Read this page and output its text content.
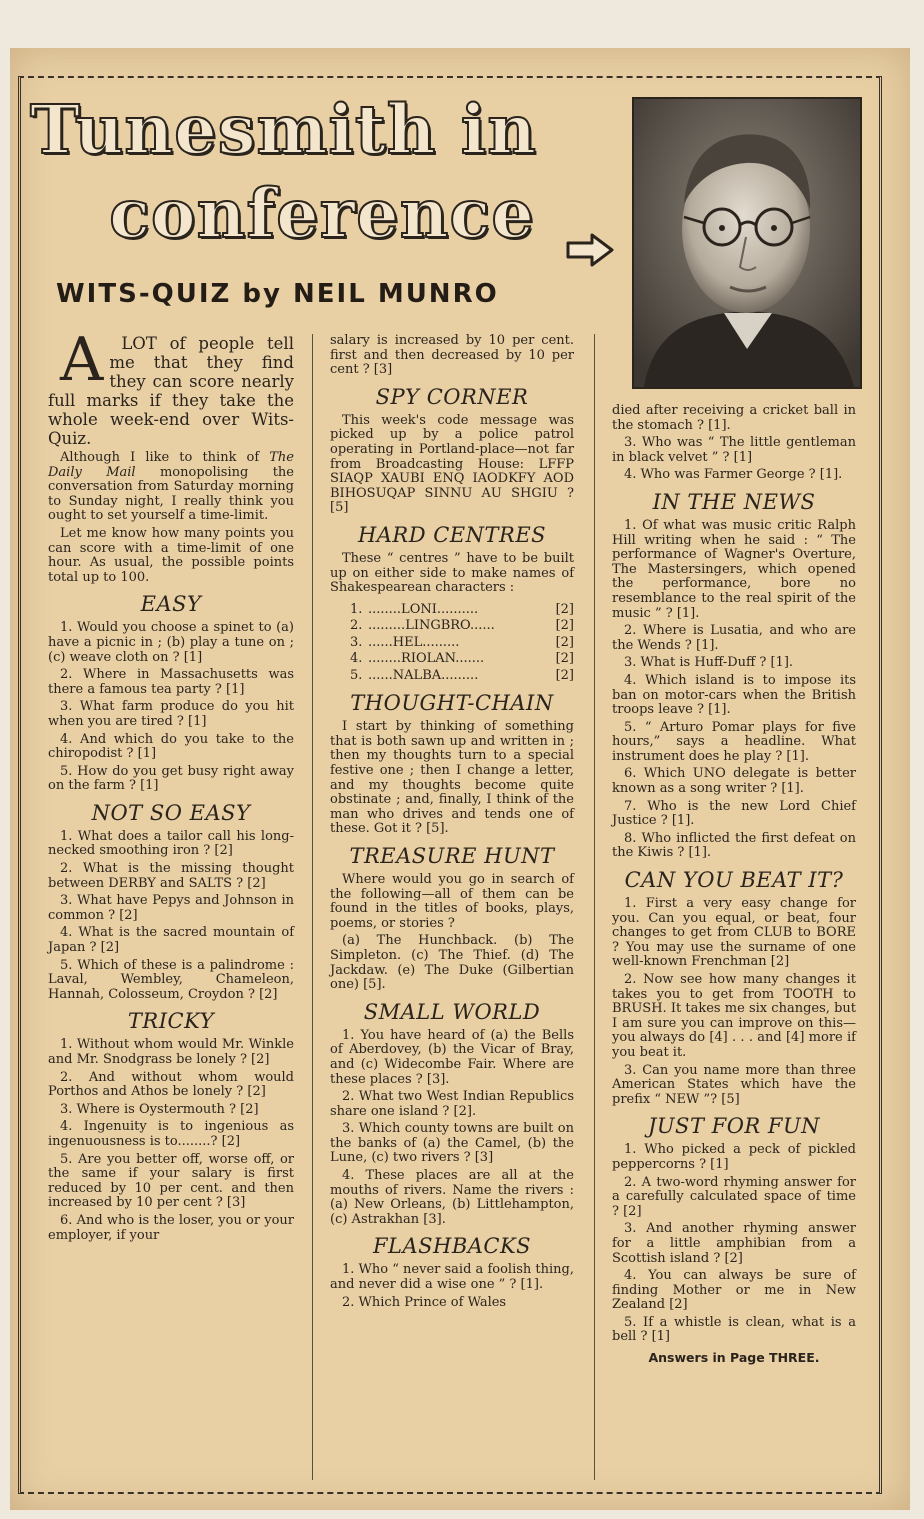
Tunesmith in
conference
WITS-QUIZ by NEIL MUNRO

A LOT of people tell me that they find they can score nearly full marks if they take the whole week-end over Wits-Quiz.

Although I like to think of The Daily Mail monopolising the conversation from Saturday morning to Sunday night, I really think you ought to set yourself a time-limit.

Let me know how many points you can score with a time-limit of one hour. As usual, the possible points total up to 100.

EASY

1. Would you choose a spinet to (a) have a picnic in ; (b) play a tune on ; (c) weave cloth on ? [1]

2. Where in Massachusetts was there a famous tea party ? [1]

3. What farm produce do you hit when you are tired ? [1]

4. And which do you take to the chiropodist ? [1]

5. How do you get busy right away on the farm ? [1]

NOT SO EASY

1. What does a tailor call his long-necked smoothing iron ? [2]

2. What is the missing thought between DERBY and SALTS ? [2]

3. What have Pepys and Johnson in common ? [2]

4. What is the sacred mountain of Japan ? [2]

5. Which of these is a palindrome : Laval, Wembley, Chameleon, Hannah, Colosseum, Croydon ? [2]

TRICKY

1. Without whom would Mr. Winkle and Mr. Snodgrass be lonely ? [2]

2. And without whom would Porthos and Athos be lonely ? [2]

3. Where is Oystermouth ? [2]

4. Ingenuity is to ingenious as ingenuousness is to........? [2]

5. Are you better off, worse off, or the same if your salary is first reduced by 10 per cent. and then increased by 10 per cent ? [3]

6. And who is the loser, you or your employer, if your

salary is increased by 10 per cent. first and then decreased by 10 per cent ? [3]

SPY CORNER

This week's code message was picked up by a police patrol operating in Portland-place—not far from Broadcasting House: LFFP SIAQP XAUBI ENQ IAODKFY AOD BIHOSUQAP SINNU AU SHGIU ? [5]

HARD CENTRES

These “ centres ” have to be built up on either side to make names of Shakespearean characters :

1. ........LONI..........	[2]
2. .........LINGBRO......	[2]
3. ......HEL.........	[2]
4. ........RIOLAN.......	[2]
5. ......NALBA.........	[2]
THOUGHT-CHAIN

I start by thinking of something that is both sawn up and written in ; then my thoughts turn to a special festive one ; then I change a letter, and my thoughts become quite obstinate ; and, finally, I think of the man who drives and tends one of these. Got it ? [5].

TREASURE HUNT

Where would you go in search of the following—all of them can be found in the titles of books, plays, poems, or stories ?

(a) The Hunchback. (b) The Simpleton. (c) The Thief. (d) The Jackdaw. (e) The Duke (Gilbertian one) [5].

SMALL WORLD

1. You have heard of (a) the Bells of Aberdovey, (b) the Vicar of Bray, and (c) Widecombe Fair. Where are these places ? [3].

2. What two West Indian Republics share one island ? [2].

3. Which county towns are built on the banks of (a) the Camel, (b) the Lune, (c) two rivers ? [3]

4. These places are all at the mouths of rivers. Name the rivers : (a) New Orleans, (b) Littlehampton, (c) Astrakhan [3].

FLASHBACKS

1. Who “ never said a foolish thing, and never did a wise one ” ? [1].

2. Which Prince of Wales

died after receiving a cricket ball in the stomach ? [1].

3. Who was “ The little gentleman in black velvet ” ? [1]

4. Who was Farmer George ? [1].

IN THE NEWS

1. Of what was music critic Ralph Hill writing when he said : “ The performance of Wagner's Overture, The Mastersingers, which opened the performance, bore no resemblance to the real spirit of the music ” ? [1].

2. Where is Lusatia, and who are the Wends ? [1].

3. What is Huff-Duff ? [1].

4. Which island is to impose its ban on motor-cars when the British troops leave ? [1].

5. “ Arturo Pomar plays for five hours,” says a headline. What instrument does he play ? [1].

6. Which UNO delegate is better known as a song writer ? [1].

7. Who is the new Lord Chief Justice ? [1].

8. Who inflicted the first defeat on the Kiwis ? [1].

CAN YOU BEAT IT?

1. First a very easy change for you. Can you equal, or beat, four changes to get from CLUB to BORE ? You may use the surname of one well-known Frenchman [2]

2. Now see how many changes it takes you to get from TOOTH to BRUSH. It takes me six changes, but I am sure you can improve on this—you always do [4] . . . and [4] more if you beat it.

3. Can you name more than three American States which have the prefix “ NEW ”? [5]

JUST FOR FUN

1. Who picked a peck of pickled peppercorns ? [1]

2. A two-word rhyming answer for a carefully calculated space of time ? [2]

3. And another rhyming answer for a little amphibian from a Scottish island ? [2]

4. You can always be sure of finding Mother or me in New Zealand [2]

5. If a whistle is clean, what is a bell ? [1]

Answers in Page THREE.
